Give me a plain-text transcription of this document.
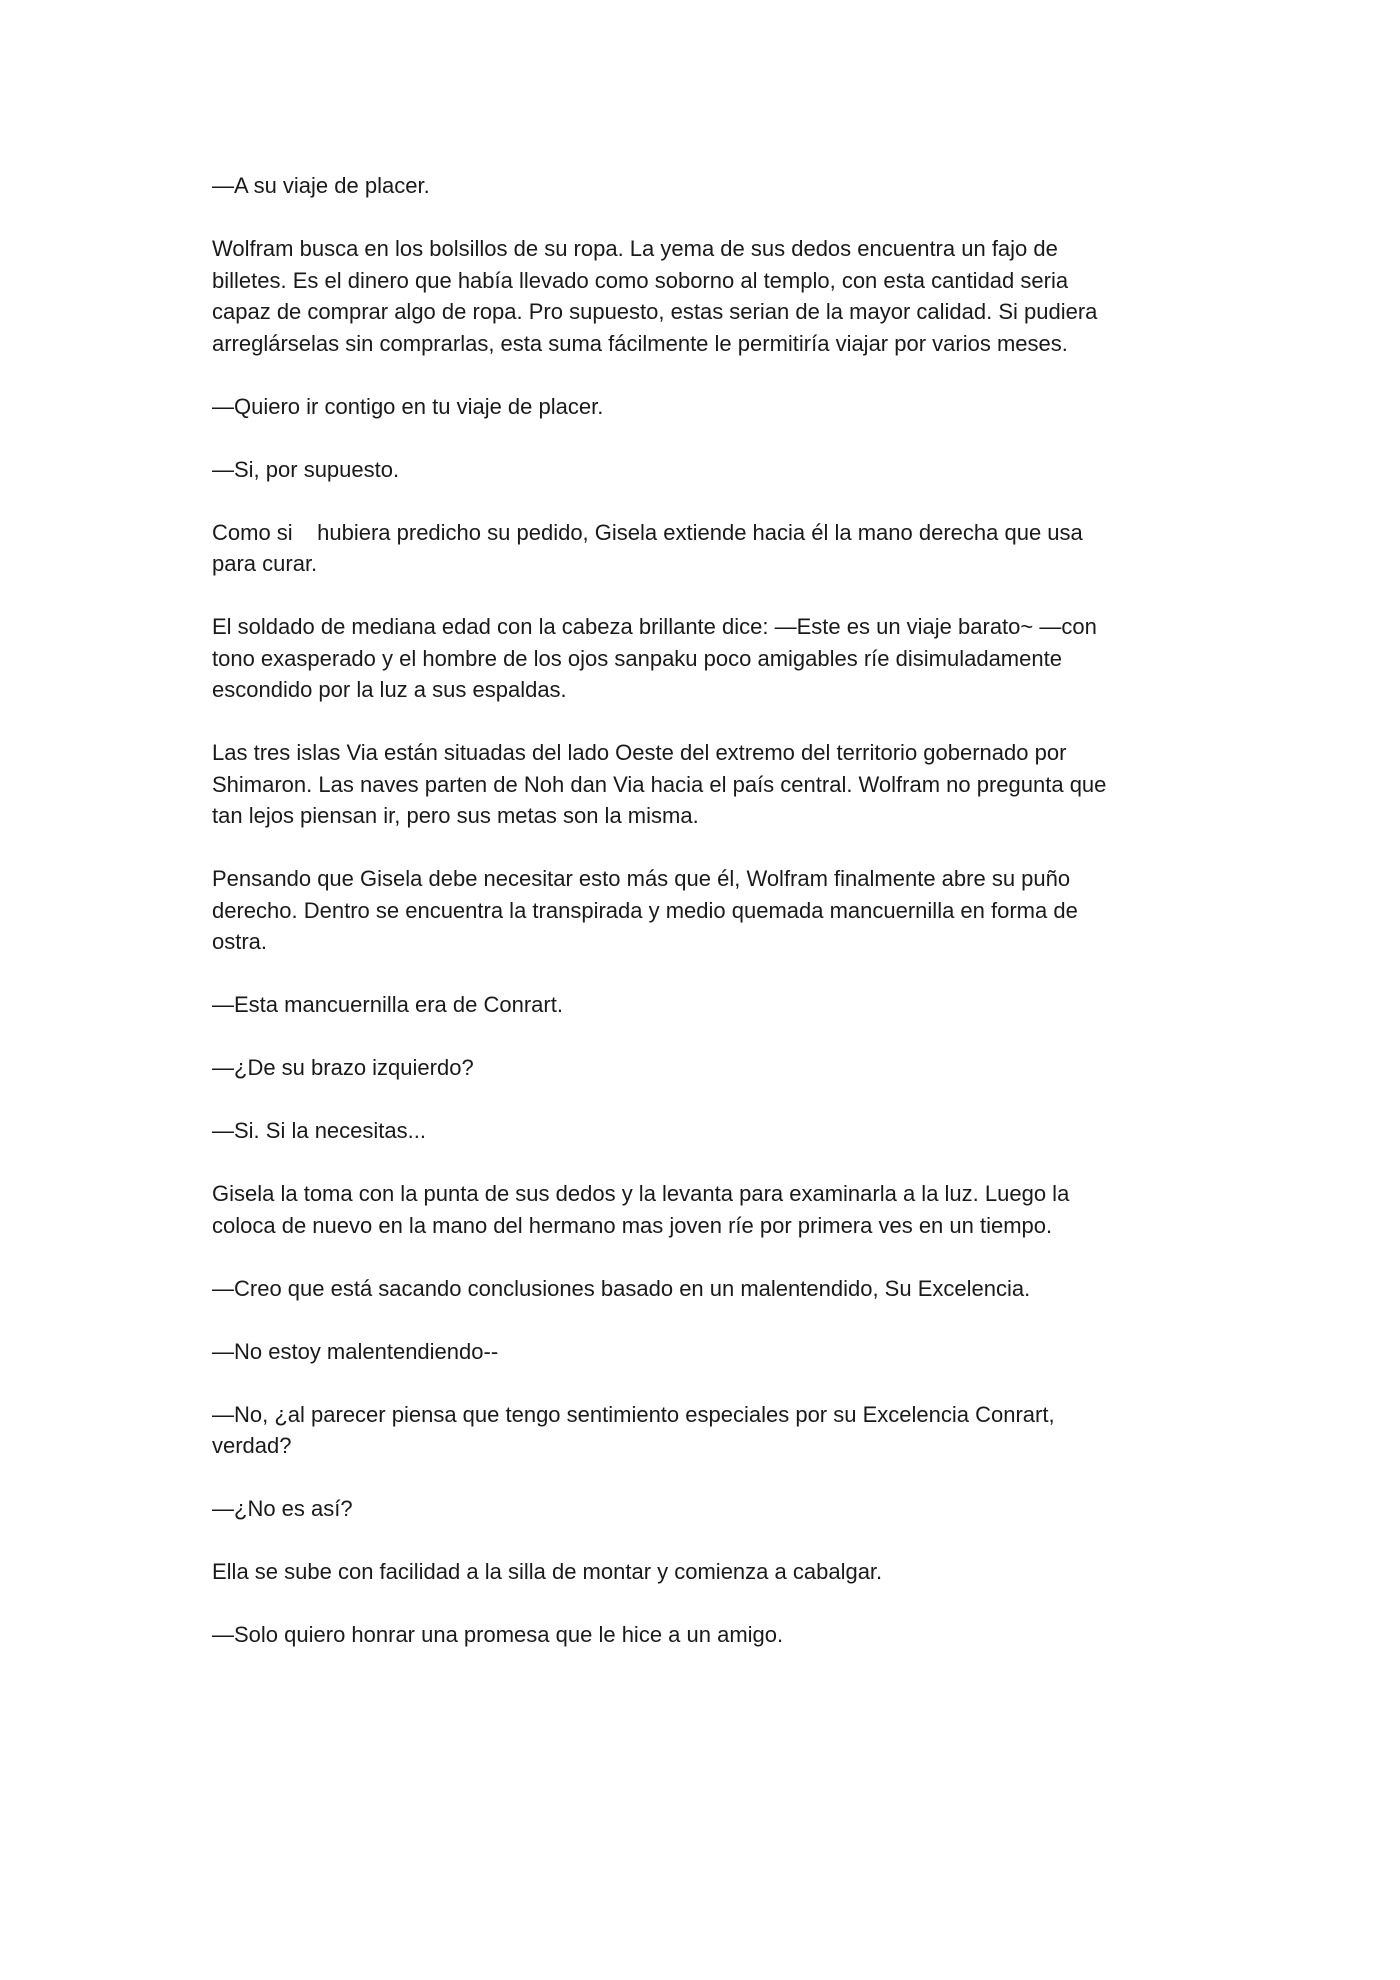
—A su viaje de placer.

Wolfram busca en los bolsillos de su ropa. La yema de sus dedos encuentra un fajo de
billetes. Es el dinero que había llevado como soborno al templo, con esta cantidad seria
capaz de comprar algo de ropa. Pro supuesto, estas serian de la mayor calidad. Si pudiera
arreglárselas sin comprarlas, esta suma fácilmente le permitiría viajar por varios meses.

—Quiero ir contigo en tu viaje de placer.

—Si, por supuesto.

Como si    hubiera predicho su pedido, Gisela extiende hacia él la mano derecha que usa
para curar.

El soldado de mediana edad con la cabeza brillante dice: —Este es un viaje barato~ —con
tono exasperado y el hombre de los ojos sanpaku poco amigables ríe disimuladamente
escondido por la luz a sus espaldas.

Las tres islas Via están situadas del lado Oeste del extremo del territorio gobernado por
Shimaron. Las naves parten de Noh dan Via hacia el país central. Wolfram no pregunta que
tan lejos piensan ir, pero sus metas son la misma.

Pensando que Gisela debe necesitar esto más que él, Wolfram finalmente abre su puño
derecho. Dentro se encuentra la transpirada y medio quemada mancuernilla en forma de
ostra.

—Esta mancuernilla era de Conrart.

—¿De su brazo izquierdo?

—Si. Si la necesitas...

Gisela la toma con la punta de sus dedos y la levanta para examinarla a la luz. Luego la
coloca de nuevo en la mano del hermano mas joven ríe por primera ves en un tiempo.

—Creo que está sacando conclusiones basado en un malentendido, Su Excelencia.

—No estoy malentendiendo--

—No, ¿al parecer piensa que tengo sentimiento especiales por su Excelencia Conrart,
verdad?

—¿No es así?

Ella se sube con facilidad a la silla de montar y comienza a cabalgar.

—Solo quiero honrar una promesa que le hice a un amigo.
